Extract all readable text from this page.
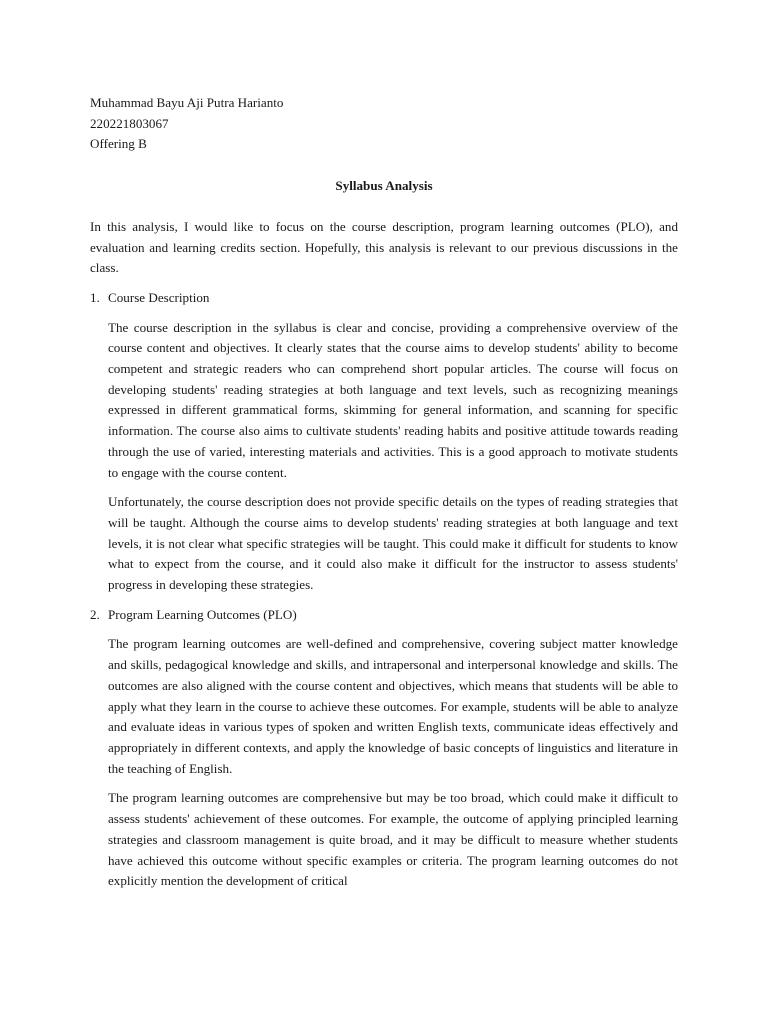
Muhammad Bayu Aji Putra Harianto
220221803067
Offering B
Syllabus Analysis

In this analysis, I would like to focus on the course description, program learning outcomes (PLO), and evaluation and learning credits section. Hopefully, this analysis is relevant to our previous discussions in the class.

1. Course Description

The course description in the syllabus is clear and concise, providing a comprehensive overview of the course content and objectives. It clearly states that the course aims to develop students' ability to become competent and strategic readers who can comprehend short popular articles. The course will focus on developing students' reading strategies at both language and text levels, such as recognizing meanings expressed in different grammatical forms, skimming for general information, and scanning for specific information. The course also aims to cultivate students' reading habits and positive attitude towards reading through the use of varied, interesting materials and activities. This is a good approach to motivate students to engage with the course content.

Unfortunately, the course description does not provide specific details on the types of reading strategies that will be taught. Although the course aims to develop students' reading strategies at both language and text levels, it is not clear what specific strategies will be taught. This could make it difficult for students to know what to expect from the course, and it could also make it difficult for the instructor to assess students' progress in developing these strategies.

2. Program Learning Outcomes (PLO)

The program learning outcomes are well-defined and comprehensive, covering subject matter knowledge and skills, pedagogical knowledge and skills, and intrapersonal and interpersonal knowledge and skills. The outcomes are also aligned with the course content and objectives, which means that students will be able to apply what they learn in the course to achieve these outcomes. For example, students will be able to analyze and evaluate ideas in various types of spoken and written English texts, communicate ideas effectively and appropriately in different contexts, and apply the knowledge of basic concepts of linguistics and literature in the teaching of English.

The program learning outcomes are comprehensive but may be too broad, which could make it difficult to assess students' achievement of these outcomes. For example, the outcome of applying principled learning strategies and classroom management is quite broad, and it may be difficult to measure whether students have achieved this outcome without specific examples or criteria. The program learning outcomes do not explicitly mention the development of critical
